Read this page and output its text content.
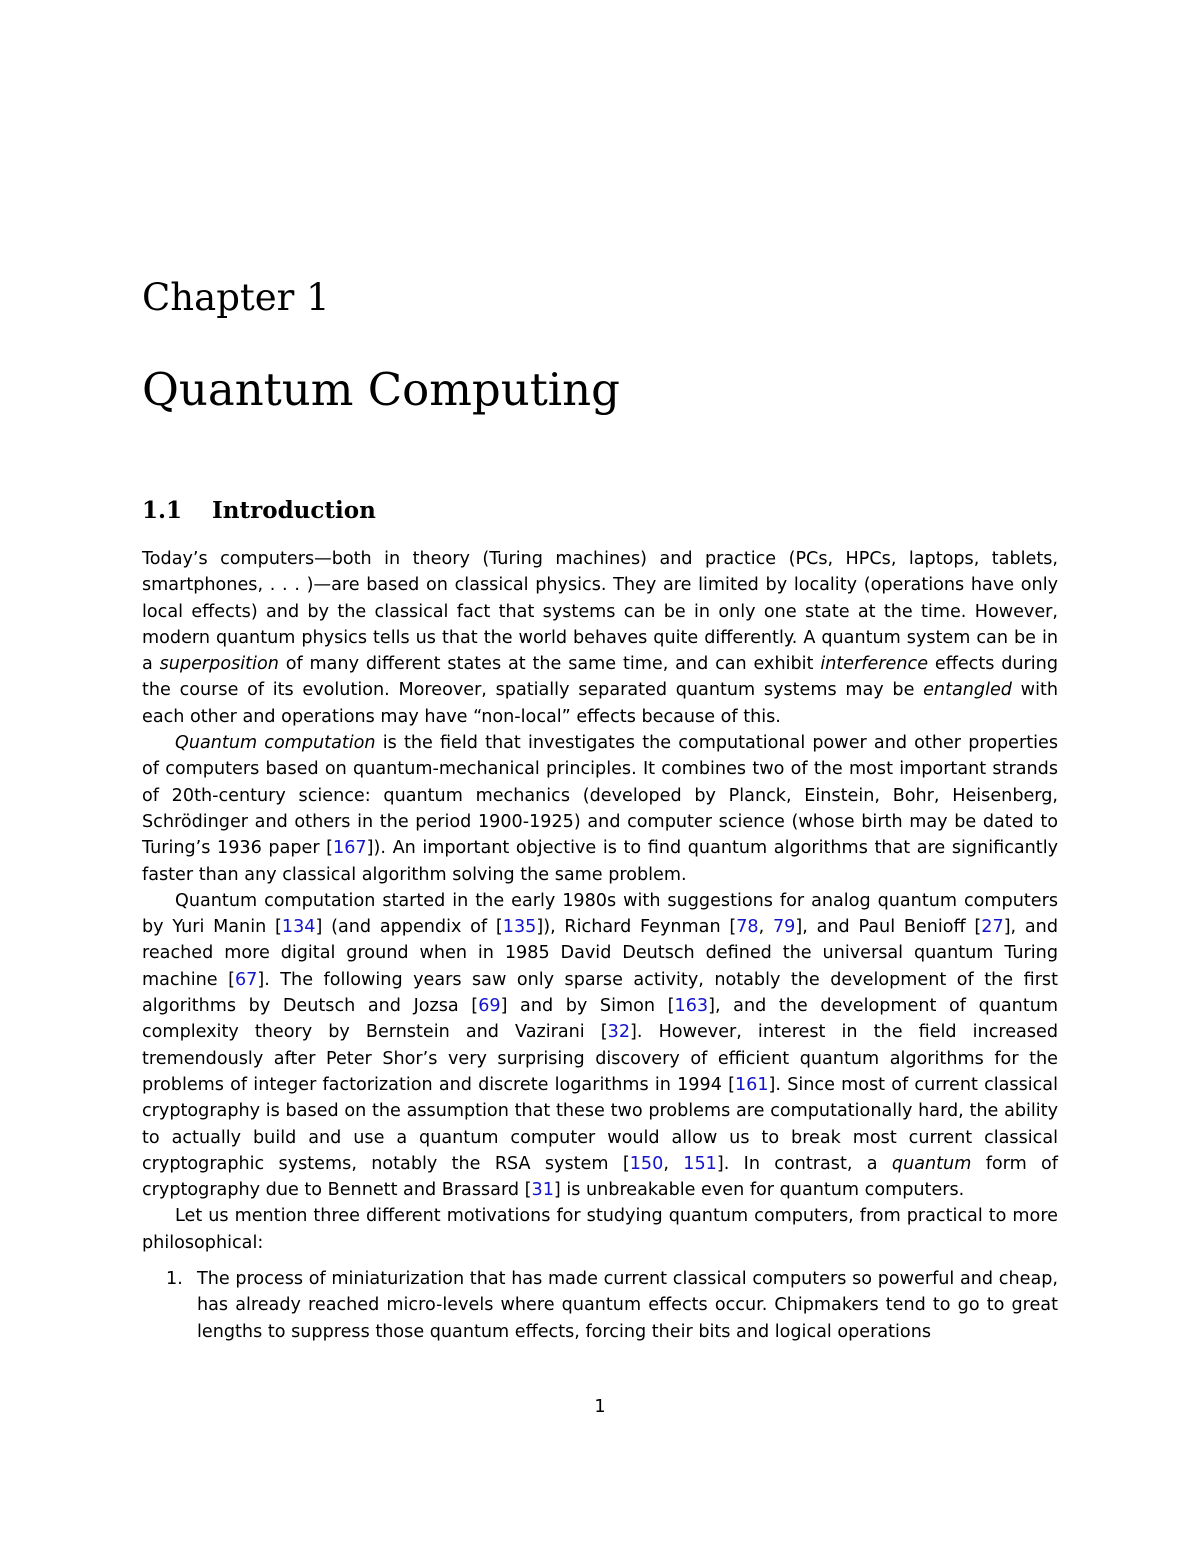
Chapter 1
Quantum Computing
1.1 Introduction

Today’s computers—both in theory (Turing machines) and practice (PCs, HPCs, laptops, tablets, smartphones, . . . )—are based on classical physics. They are limited by locality (operations have only local effects) and by the classical fact that systems can be in only one state at the time. However, modern quantum physics tells us that the world behaves quite differently. A quantum system can be in a superposition of many different states at the same time, and can exhibit interference effects during the course of its evolution. Moreover, spatially separated quantum systems may be entangled with each other and operations may have “non-local” effects because of this.

Quantum computation is the field that investigates the computational power and other properties of computers based on quantum-mechanical principles. It combines two of the most important strands of 20th-century science: quantum mechanics (developed by Planck, Einstein, Bohr, Heisenberg, Schrödinger and others in the period 1900-1925) and computer science (whose birth may be dated to Turing’s 1936 paper [167]). An important objective is to find quantum algorithms that are significantly faster than any classical algorithm solving the same problem.

Quantum computation started in the early 1980s with suggestions for analog quantum computers by Yuri Manin [134] (and appendix of [135]), Richard Feynman [78, 79], and Paul Benioff [27], and reached more digital ground when in 1985 David Deutsch defined the universal quantum Turing machine [67]. The following years saw only sparse activity, notably the development of the first algorithms by Deutsch and Jozsa [69] and by Simon [163], and the development of quantum complexity theory by Bernstein and Vazirani [32]. However, interest in the field increased tremendously after Peter Shor’s very surprising discovery of efficient quantum algorithms for the problems of integer factorization and discrete logarithms in 1994 [161]. Since most of current classical cryptography is based on the assumption that these two problems are computationally hard, the ability to actually build and use a quantum computer would allow us to break most current classical cryptographic systems, notably the RSA system [150, 151]. In contrast, a quantum form of cryptography due to Bennett and Brassard [31] is unbreakable even for quantum computers.

Let us mention three different motivations for studying quantum computers, from practical to more philosophical:

1. The process of miniaturization that has made current classical computers so powerful and cheap, has already reached micro-levels where quantum effects occur. Chipmakers tend to go to great lengths to suppress those quantum effects, forcing their bits and logical operations
1
